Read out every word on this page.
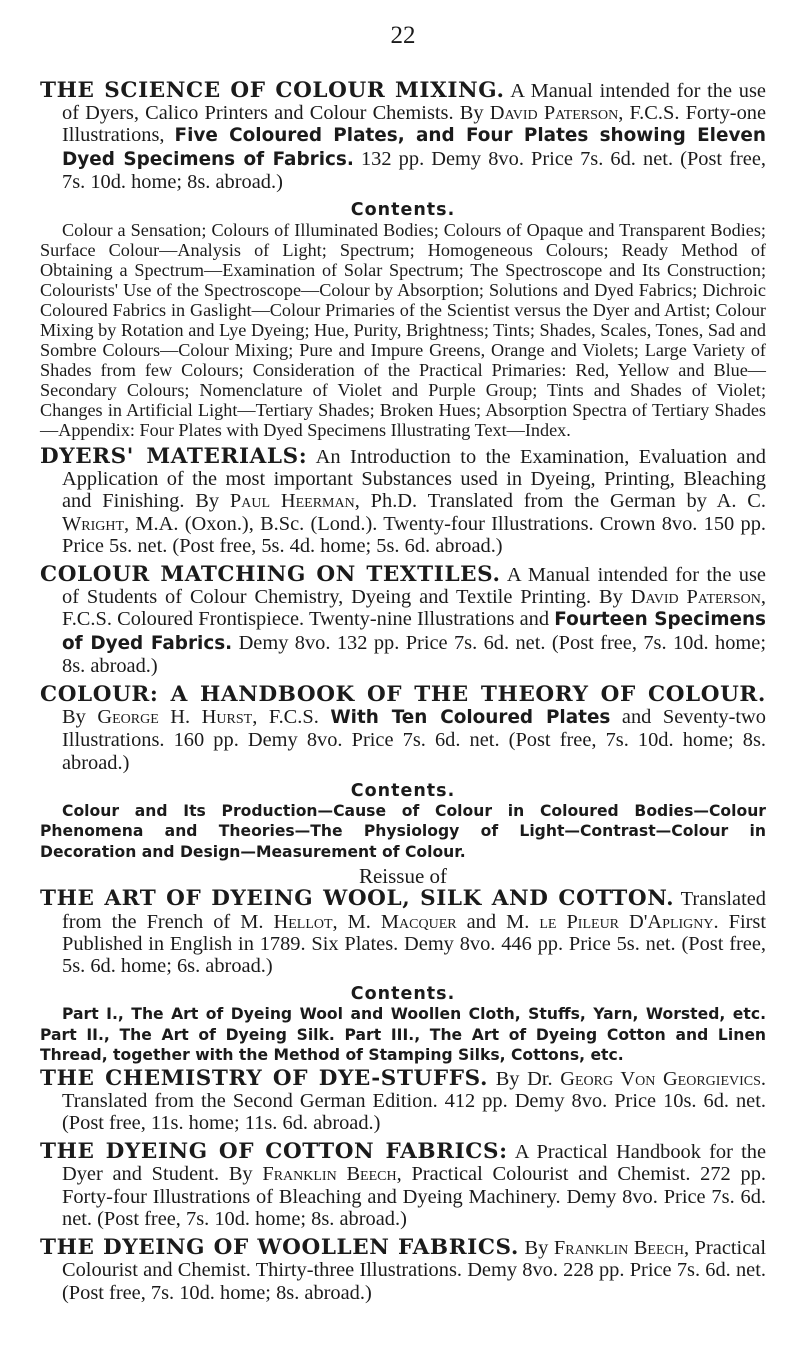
22
THE SCIENCE OF COLOUR MIXING. A Manual intended for the use of Dyers, Calico Printers and Colour Chemists. By David Paterson, F.C.S. Forty-one Illustrations, Five Coloured Plates, and Four Plates showing Eleven Dyed Specimens of Fabrics. 132 pp. Demy 8vo. Price 7s. 6d. net. (Post free, 7s. 10d. home; 8s. abroad.)
Contents.
Colour a Sensation; Colours of Illuminated Bodies; Colours of Opaque and Transparent Bodies; Surface Colour—Analysis of Light; Spectrum; Homogeneous Colours; Ready Method of Obtaining a Spectrum—Examination of Solar Spectrum; The Spectroscope and Its Construction; Colourists' Use of the Spectroscope—Colour by Absorption; Solutions and Dyed Fabrics; Dichroic Coloured Fabrics in Gaslight—Colour Primaries of the Scientist versus the Dyer and Artist; Colour Mixing by Rotation and Lye Dyeing; Hue, Purity, Brightness; Tints; Shades, Scales, Tones, Sad and Sombre Colours—Colour Mixing; Pure and Impure Greens, Orange and Violets; Large Variety of Shades from few Colours; Consideration of the Practical Primaries: Red, Yellow and Blue—Secondary Colours; Nomenclature of Violet and Purple Group; Tints and Shades of Violet; Changes in Artificial Light—Tertiary Shades; Broken Hues; Absorption Spectra of Tertiary Shades—Appendix: Four Plates with Dyed Specimens Illustrating Text—Index.
DYERS' MATERIALS: An Introduction to the Examination, Evaluation and Application of the most important Substances used in Dyeing, Printing, Bleaching and Finishing. By Paul Heerman, Ph.D. Translated from the German by A. C. Wright, M.A. (Oxon.), B.Sc. (Lond.). Twenty-four Illustrations. Crown 8vo. 150 pp. Price 5s. net. (Post free, 5s. 4d. home; 5s. 6d. abroad.)
COLOUR MATCHING ON TEXTILES. A Manual intended for the use of Students of Colour Chemistry, Dyeing and Textile Printing. By David Paterson, F.C.S. Coloured Frontispiece. Twenty-nine Illustrations and Fourteen Specimens of Dyed Fabrics. Demy 8vo. 132 pp. Price 7s. 6d. net. (Post free, 7s. 10d. home; 8s. abroad.)
COLOUR: A HANDBOOK OF THE THEORY OF COLOUR. By George H. Hurst, F.C.S. With Ten Coloured Plates and Seventy-two Illustrations. 160 pp. Demy 8vo. Price 7s. 6d. net. (Post free, 7s. 10d. home; 8s. abroad.)
Contents.
Colour and Its Production—Cause of Colour in Coloured Bodies—Colour Phenomena and Theories—The Physiology of Light—Contrast—Colour in Decoration and Design—Measurement of Colour.
Reissue of
THE ART OF DYEING WOOL, SILK AND COTTON. Translated from the French of M. Hellot, M. Macquer and M. le Pileur D'Apligny. First Published in English in 1789. Six Plates. Demy 8vo. 446 pp. Price 5s. net. (Post free, 5s. 6d. home; 6s. abroad.)
Contents.
Part I., The Art of Dyeing Wool and Woollen Cloth, Stuffs, Yarn, Worsted, etc. Part II., The Art of Dyeing Silk. Part III., The Art of Dyeing Cotton and Linen Thread, together with the Method of Stamping Silks, Cottons, etc.
THE CHEMISTRY OF DYE-STUFFS. By Dr. Georg Von Georgievics. Translated from the Second German Edition. 412 pp. Demy 8vo. Price 10s. 6d. net. (Post free, 11s. home; 11s. 6d. abroad.)
THE DYEING OF COTTON FABRICS: A Practical Handbook for the Dyer and Student. By Franklin Beech, Practical Colourist and Chemist. 272 pp. Forty-four Illustrations of Bleaching and Dyeing Machinery. Demy 8vo. Price 7s. 6d. net. (Post free, 7s. 10d. home; 8s. abroad.)
THE DYEING OF WOOLLEN FABRICS. By Franklin Beech, Practical Colourist and Chemist. Thirty-three Illustrations. Demy 8vo. 228 pp. Price 7s. 6d. net. (Post free, 7s. 10d. home; 8s. abroad.)
